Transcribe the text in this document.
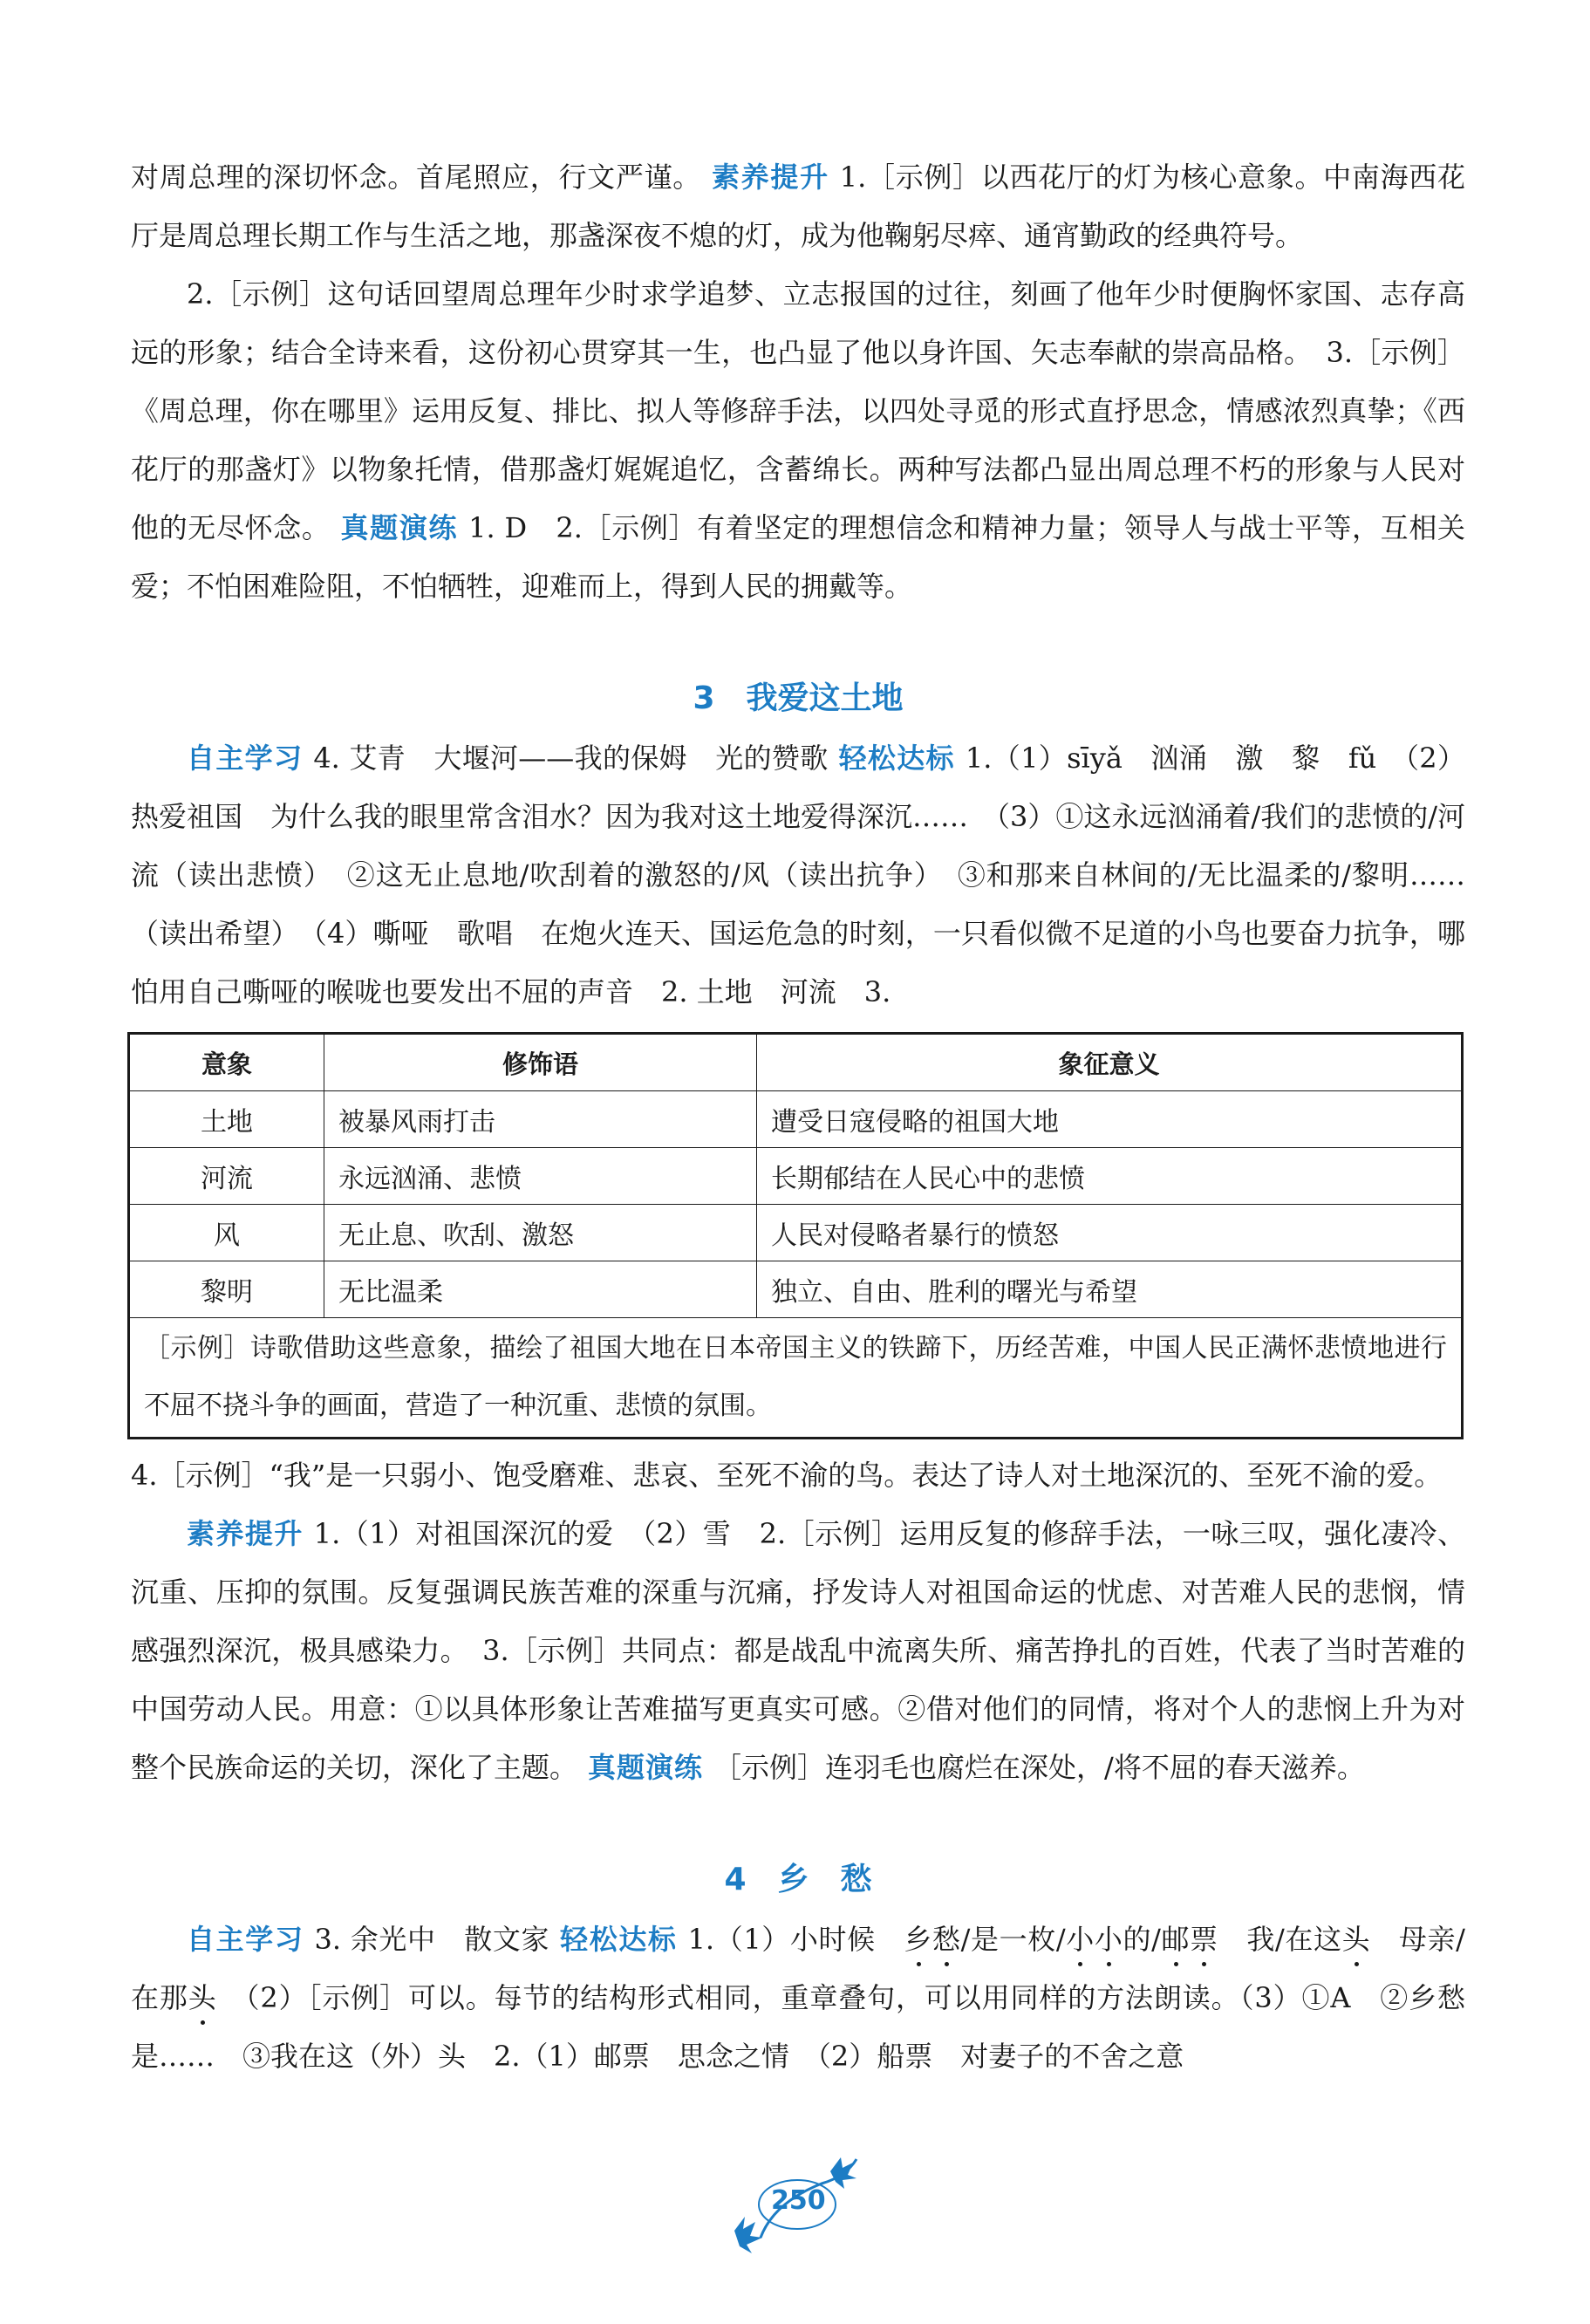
对周总理的深切怀念。首尾照应，行文严谨。 素养提升 1.［示例］以西花厅的灯为核心意象。中南海西花厅是周总理长期工作与生活之地，那盏深夜不熄的灯，成为他鞠躬尽瘁、通宵勤政的经典符号。

2.［示例］这句话回望周总理年少时求学追梦、立志报国的过往，刻画了他年少时便胸怀家国、志存高远的形象；结合全诗来看，这份初心贯穿其一生，也凸显了他以身许国、矢志奉献的崇高品格。　3.［示例］《周总理，你在哪里》运用反复、排比、拟人等修辞手法，以四处寻觅的形式直抒思念，情感浓烈真挚；《西花厅的那盏灯》以物象托情，借那盏灯娓娓追忆，含蓄绵长。两种写法都凸显出周总理不朽的形象与人民对他的无尽怀念。 真题演练 1. D　2.［示例］有着坚定的理想信念和精神力量；领导人与战士平等，互相关爱；不怕困难险阻，不怕牺牲，迎难而上，得到人民的拥戴等。

3　我爱这土地

自主学习 4. 艾青　大堰河——我的保姆　光的赞歌 轻松达标 1.（1）sīyǎ　汹涌　激　黎　fǔ　（2）热爱祖国　为什么我的眼里常含泪水？因为我对这土地爱得深沉……　（3）①这永远汹涌着/我们的悲愤的/河流（读出悲愤）　②这无止息地/吹刮着的激怒的/风（读出抗争）　③和那来自林间的/无比温柔的/黎明……（读出希望）　（4）嘶哑　歌唱　在炮火连天、国运危急的时刻，一只看似微不足道的小鸟也要奋力抗争，哪怕用自己嘶哑的喉咙也要发出不屈的声音　2. 土地　河流　3.

意象	修饰语	象征意义
土地	被暴风雨打击	遭受日寇侵略的祖国大地
河流	永远汹涌、悲愤	长期郁结在人民心中的悲愤
风	无止息、吹刮、激怒	人民对侵略者暴行的愤怒
黎明	无比温柔	独立、自由、胜利的曙光与希望
［示例］诗歌借助这些意象，描绘了祖国大地在日本帝国主义的铁蹄下，历经苦难，中国人民正满怀悲愤地进行不屈不挠斗争的画面，营造了一种沉重、悲愤的氛围。		

4.［示例］“我”是一只弱小、饱受磨难、悲哀、至死不渝的鸟。表达了诗人对土地深沉的、至死不渝的爱。

素养提升 1.（1）对祖国深沉的爱　（2）雪　2.［示例］运用反复的修辞手法，一咏三叹，强化凄冷、沉重、压抑的氛围。反复强调民族苦难的深重与沉痛，抒发诗人对祖国命运的忧虑、对苦难人民的悲悯，情感强烈深沉，极具感染力。　3.［示例］共同点：都是战乱中流离失所、痛苦挣扎的百姓，代表了当时苦难的中国劳动人民。用意：①以具体形象让苦难描写更真实可感。②借对他们的同情，将对个人的悲悯上升为对整个民族命运的关切，深化了主题。 真题演练 ［示例］连羽毛也腐烂在深处，/将不屈的春天滋养。

4　乡　愁

自主学习 3. 余光中　散文家 轻松达标 1.（1）小时候　乡愁/是一枚/小小的/邮票　我/在这头　母亲/在那头　（2）［示例］可以。每节的结构形式相同，重章叠句，可以用同样的方法朗读。（3）①A　②乡愁是……　③我在这（外）头　2.（1）邮票　思念之情　（2）船票　对妻子的不舍之意

250
